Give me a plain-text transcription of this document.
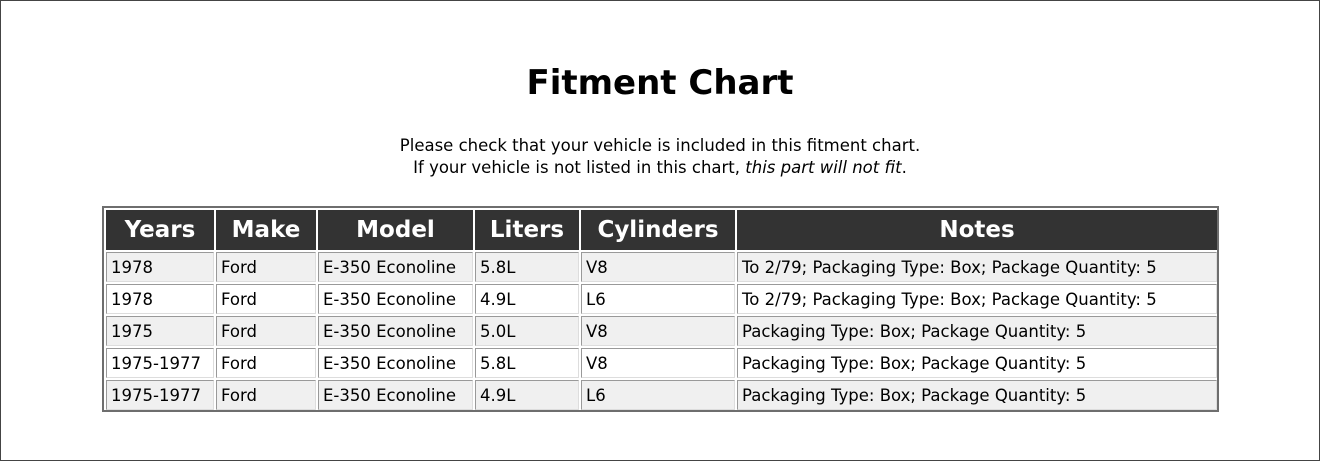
Fitment Chart

Please check that your vehicle is included in this fitment chart.

If your vehicle is not listed in this chart, this part will not fit.

Years	Make	Model	Liters	Cylinders	Notes
1978	Ford	E-350 Econoline	5.8L	V8	To 2/79; Packaging Type: Box; Package Quantity: 5
1978	Ford	E-350 Econoline	4.9L	L6	To 2/79; Packaging Type: Box; Package Quantity: 5
1975	Ford	E-350 Econoline	5.0L	V8	Packaging Type: Box; Package Quantity: 5
1975-1977	Ford	E-350 Econoline	5.8L	V8	Packaging Type: Box; Package Quantity: 5
1975-1977	Ford	E-350 Econoline	4.9L	L6	Packaging Type: Box; Package Quantity: 5
